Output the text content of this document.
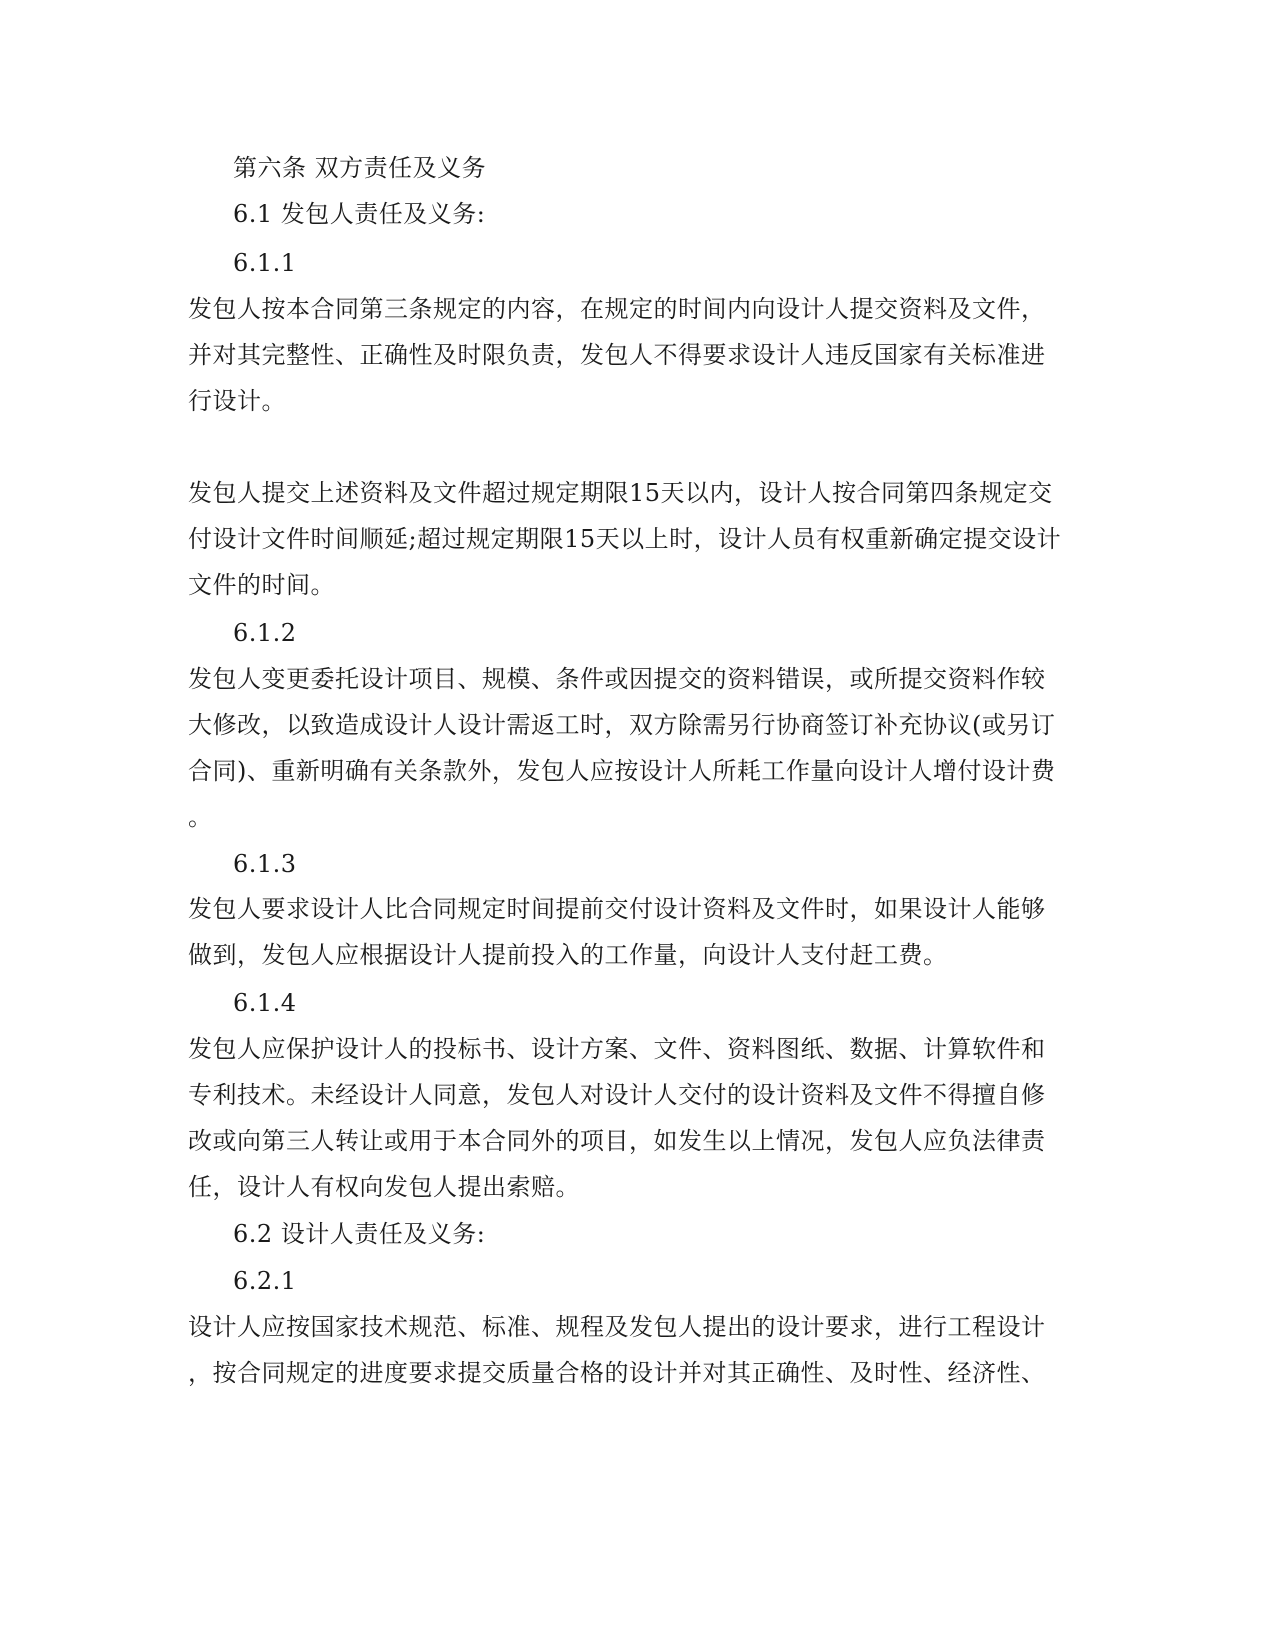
第六条 双方责任及义务
6.1 发包人责任及义务:
6.1.1
发包人按本合同第三条规定的内容，在规定的时间内向设计人提交资料及文件，
并对其完整性、正确性及时限负责，发包人不得要求设计人违反国家有关标准进
行设计。
发包人提交上述资料及文件超过规定期限15天以内，设计人按合同第四条规定交
付设计文件时间顺延;超过规定期限15天以上时，设计人员有权重新确定提交设计
文件的时间。
6.1.2
发包人变更委托设计项目、规模、条件或因提交的资料错误，或所提交资料作较
大修改，以致造成设计人设计需返工时，双方除需另行协商签订补充协议(或另订
合同)、重新明确有关条款外，发包人应按设计人所耗工作量向设计人增付设计费
。
6.1.3
发包人要求设计人比合同规定时间提前交付设计资料及文件时，如果设计人能够
做到，发包人应根据设计人提前投入的工作量，向设计人支付赶工费。
6.1.4
发包人应保护设计人的投标书、设计方案、文件、资料图纸、数据、计算软件和
专利技术。未经设计人同意，发包人对设计人交付的设计资料及文件不得擅自修
改或向第三人转让或用于本合同外的项目，如发生以上情况，发包人应负法律责
任，设计人有权向发包人提出索赔。
6.2 设计人责任及义务:
6.2.1
设计人应按国家技术规范、标准、规程及发包人提出的设计要求，进行工程设计
，按合同规定的进度要求提交质量合格的设计并对其正确性、及时性、经济性、
